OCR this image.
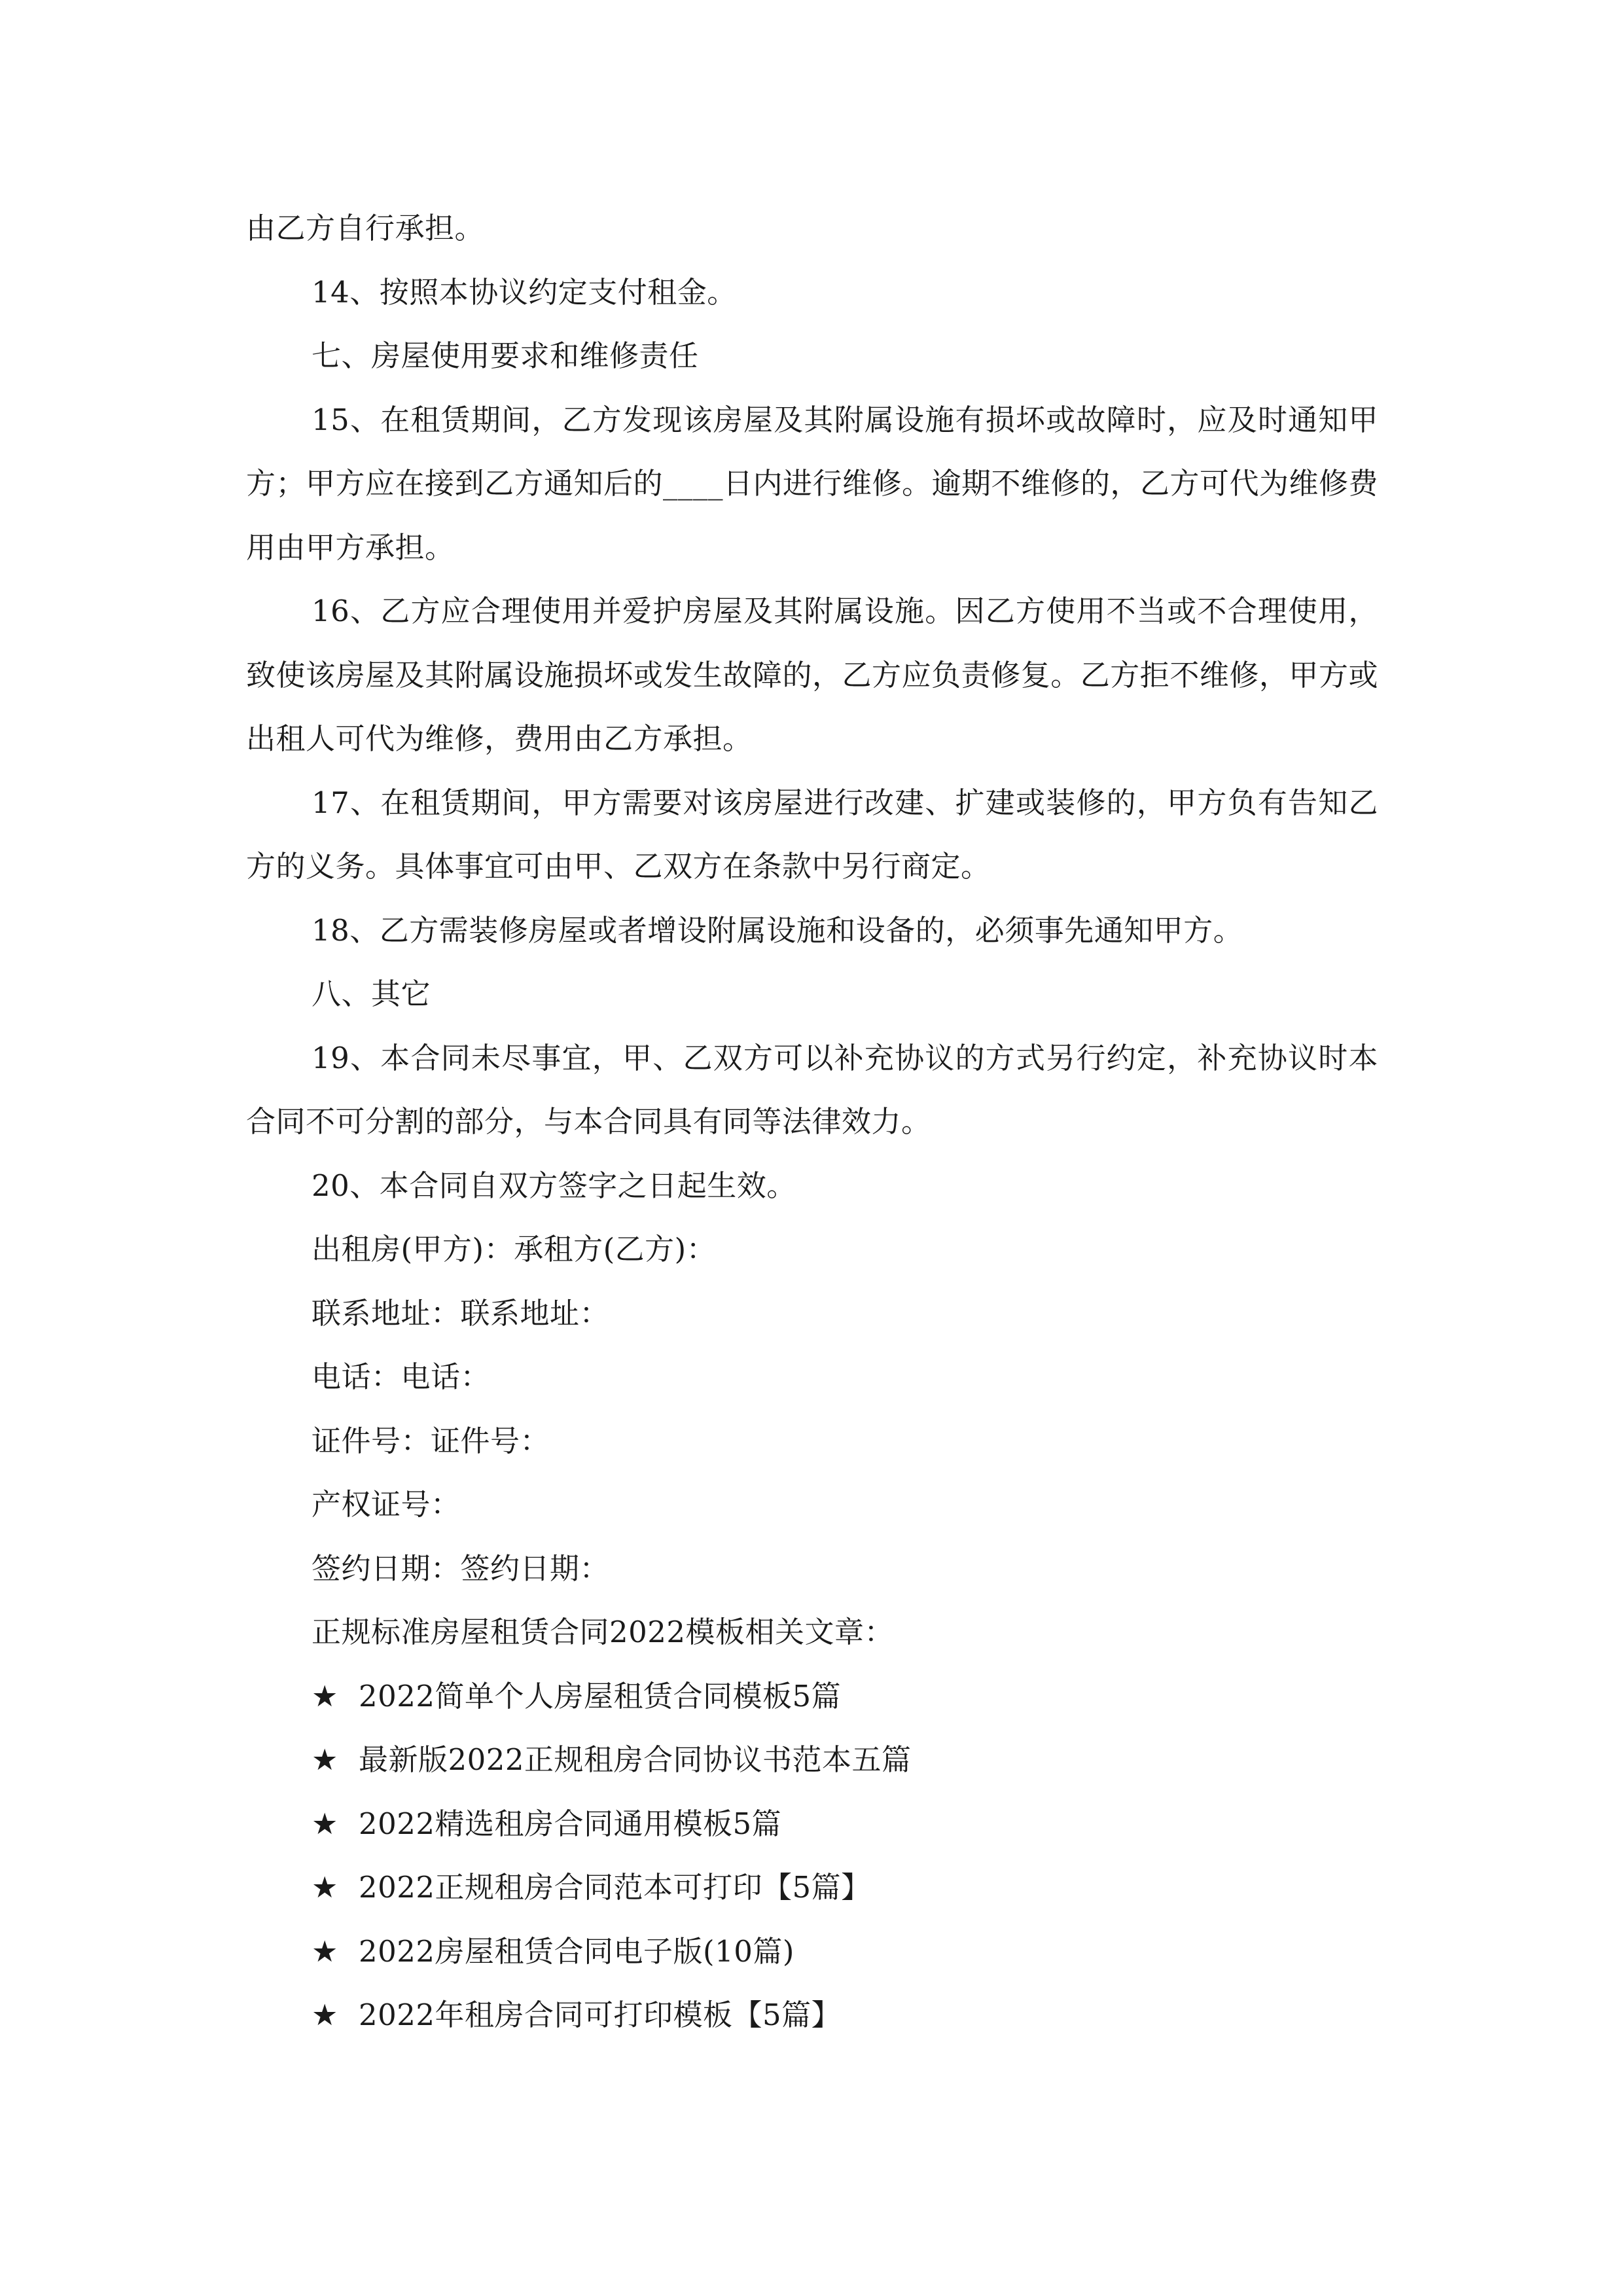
由乙方自行承担。
14、按照本协议约定支付租金。
七、房屋使用要求和维修责任
15、在租赁期间，乙方发现该房屋及其附属设施有损坏或故障时，应及时通知甲方；甲方应在接到乙方通知后的____日内进行维修。逾期不维修的，乙方可代为维修费用由甲方承担。
16、乙方应合理使用并爱护房屋及其附属设施。因乙方使用不当或不合理使用，致使该房屋及其附属设施损坏或发生故障的，乙方应负责修复。乙方拒不维修，甲方或出租人可代为维修，费用由乙方承担。
17、在租赁期间，甲方需要对该房屋进行改建、扩建或装修的，甲方负有告知乙方的义务。具体事宜可由甲、乙双方在条款中另行商定。
18、乙方需装修房屋或者增设附属设施和设备的，必须事先通知甲方。
八、其它
19、本合同未尽事宜，甲、乙双方可以补充协议的方式另行约定，补充协议时本合同不可分割的部分，与本合同具有同等法律效力。
20、本合同自双方签字之日起生效。
出租房(甲方)：承租方(乙方)：
联系地址：联系地址：
电话：电话：
证件号：证件号：
产权证号：
签约日期：签约日期：
正规标准房屋租赁合同2022模板相关文章：
★ 2022简单个人房屋租赁合同模板5篇
★ 最新版2022正规租房合同协议书范本五篇
★ 2022精选租房合同通用模板5篇
★ 2022正规租房合同范本可打印【5篇】
★ 2022房屋租赁合同电子版(10篇)
★ 2022年租房合同可打印模板【5篇】
